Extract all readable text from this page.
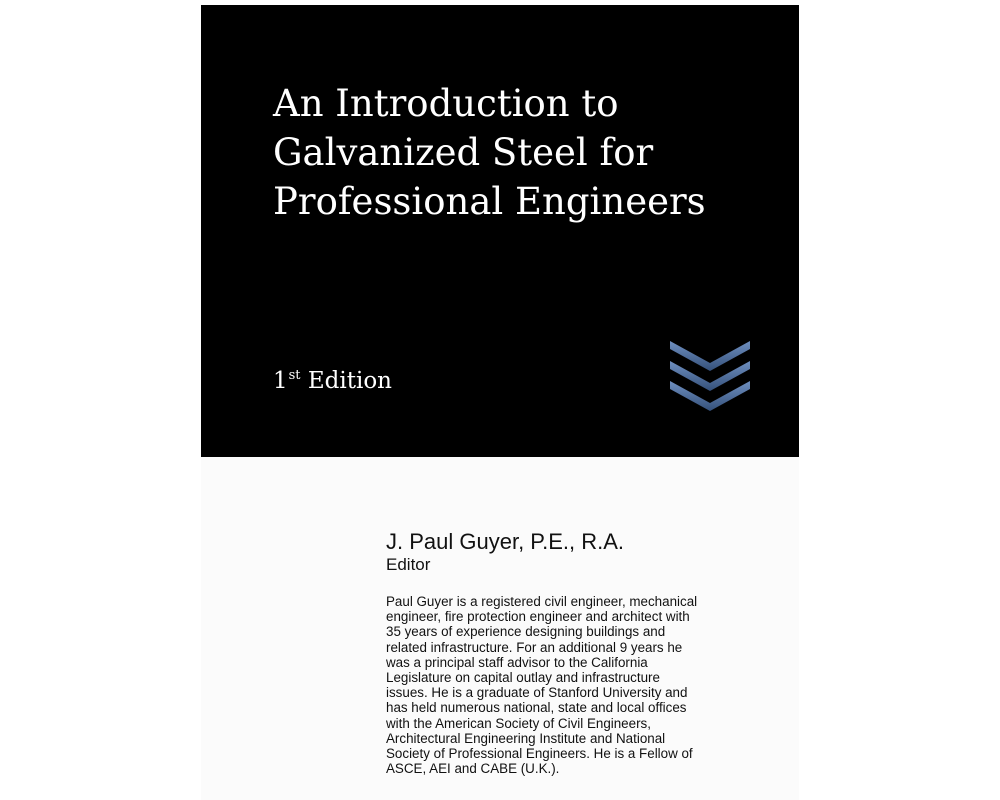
An Introduction to
Galvanized Steel for
Professional Engineers
1st Edition
J. Paul Guyer, P.E., R.A.
Editor
Paul Guyer is a registered civil engineer, mechanical
engineer, fire protection engineer and architect with
35 years of experience designing buildings and
related infrastructure. For an additional 9 years he
was a principal staff advisor to the California
Legislature on capital outlay and infrastructure
issues. He is a graduate of Stanford University and
has held numerous national, state and local offices
with the American Society of Civil Engineers,
Architectural Engineering Institute and National
Society of Professional Engineers. He is a Fellow of
ASCE, AEI and CABE (U.K.).
